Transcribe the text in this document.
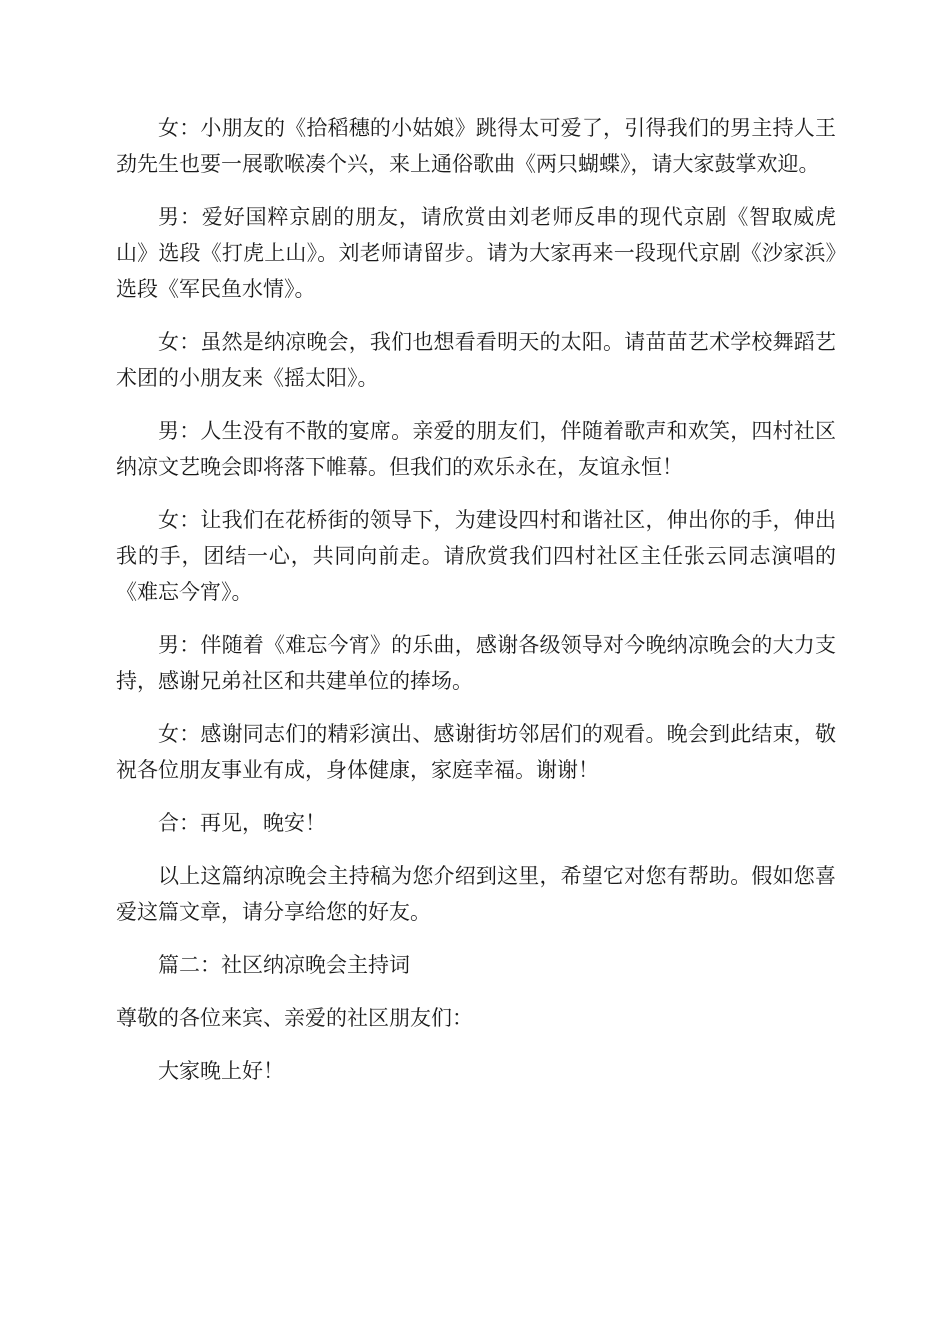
女：小朋友的《拾稻穗的小姑娘》跳得太可爱了，引得我们的男主持人王劲先生也要一展歌喉凑个兴，来上通俗歌曲《两只蝴蝶》，请大家鼓掌欢迎。

男：爱好国粹京剧的朋友，请欣赏由刘老师反串的现代京剧《智取威虎山》选段《打虎上山》。刘老师请留步。请为大家再来一段现代京剧《沙家浜》选段《军民鱼水情》。

女：虽然是纳凉晚会，我们也想看看明天的太阳。请苗苗艺术学校舞蹈艺术团的小朋友来《摇太阳》。

男：人生没有不散的宴席。亲爱的朋友们，伴随着歌声和欢笑，四村社区纳凉文艺晚会即将落下帷幕。但我们的欢乐永在，友谊永恒！

女：让我们在花桥街的领导下，为建设四村和谐社区，伸出你的手，伸出我的手，团结一心，共同向前走。请欣赏我们四村社区主任张云同志演唱的《难忘今宵》。

男：伴随着《难忘今宵》的乐曲，感谢各级领导对今晚纳凉晚会的大力支持，感谢兄弟社区和共建单位的捧场。

女：感谢同志们的精彩演出、感谢街坊邻居们的观看。晚会到此结束，敬祝各位朋友事业有成，身体健康，家庭幸福。谢谢！

合：再见，晚安！

以上这篇纳凉晚会主持稿为您介绍到这里，希望它对您有帮助。假如您喜爱这篇文章，请分享给您的好友。

篇二：社区纳凉晚会主持词

尊敬的各位来宾、亲爱的社区朋友们：

大家晚上好！
